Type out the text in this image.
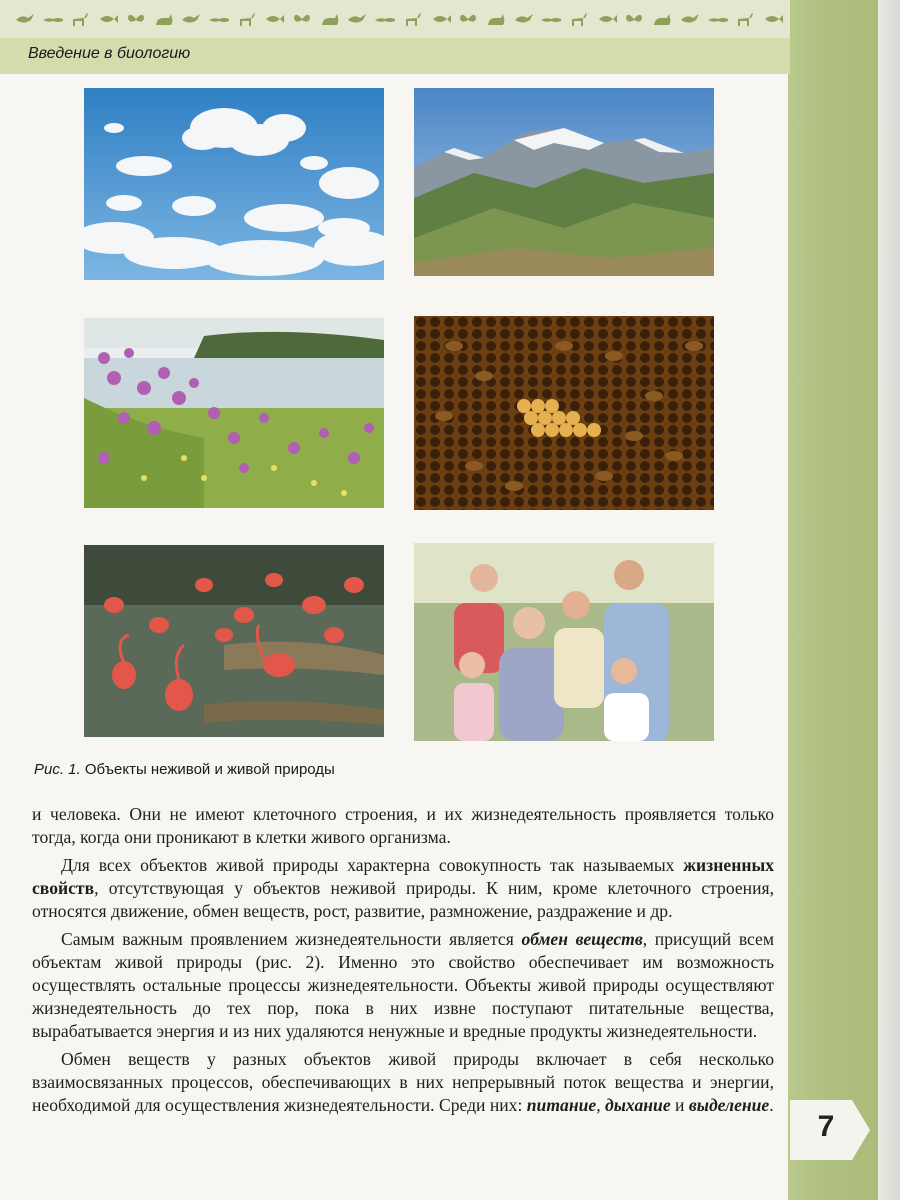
Введение в биологию
Рис. 1. Объекты неживой и живой природы

и человека. Они не имеют клеточного строения, и их жизнедеятельность проявляется только тогда, когда они проникают в клетки живого организма.

Для всех объектов живой природы характерна совокупность так называемых жизненных свойств, отсутствующая у объектов неживой природы. К ним, кроме клеточного строения, относятся движение, обмен веществ, рост, развитие, размножение, раздражение и др.

Самым важным проявлением жизнедеятельности является обмен веществ, присущий всем объектам живой природы (рис. 2). Именно это свойство обеспечивает им возможность осуществлять остальные процессы жизнедеятельности. Объекты живой природы осуществляют жизнедеятельность до тех пор, пока в них извне поступают питательные вещества, вырабатывается энергия и из них удаляются ненужные и вредные продукты жизнедеятельности.

Обмен веществ у разных объектов живой природы включает в себя несколько взаимосвязанных процессов, обеспечивающих в них непрерывный поток вещества и энергии, необходимой для осуществления жизнедеятельности. Среди них: питание, дыхание и выделение.

7
